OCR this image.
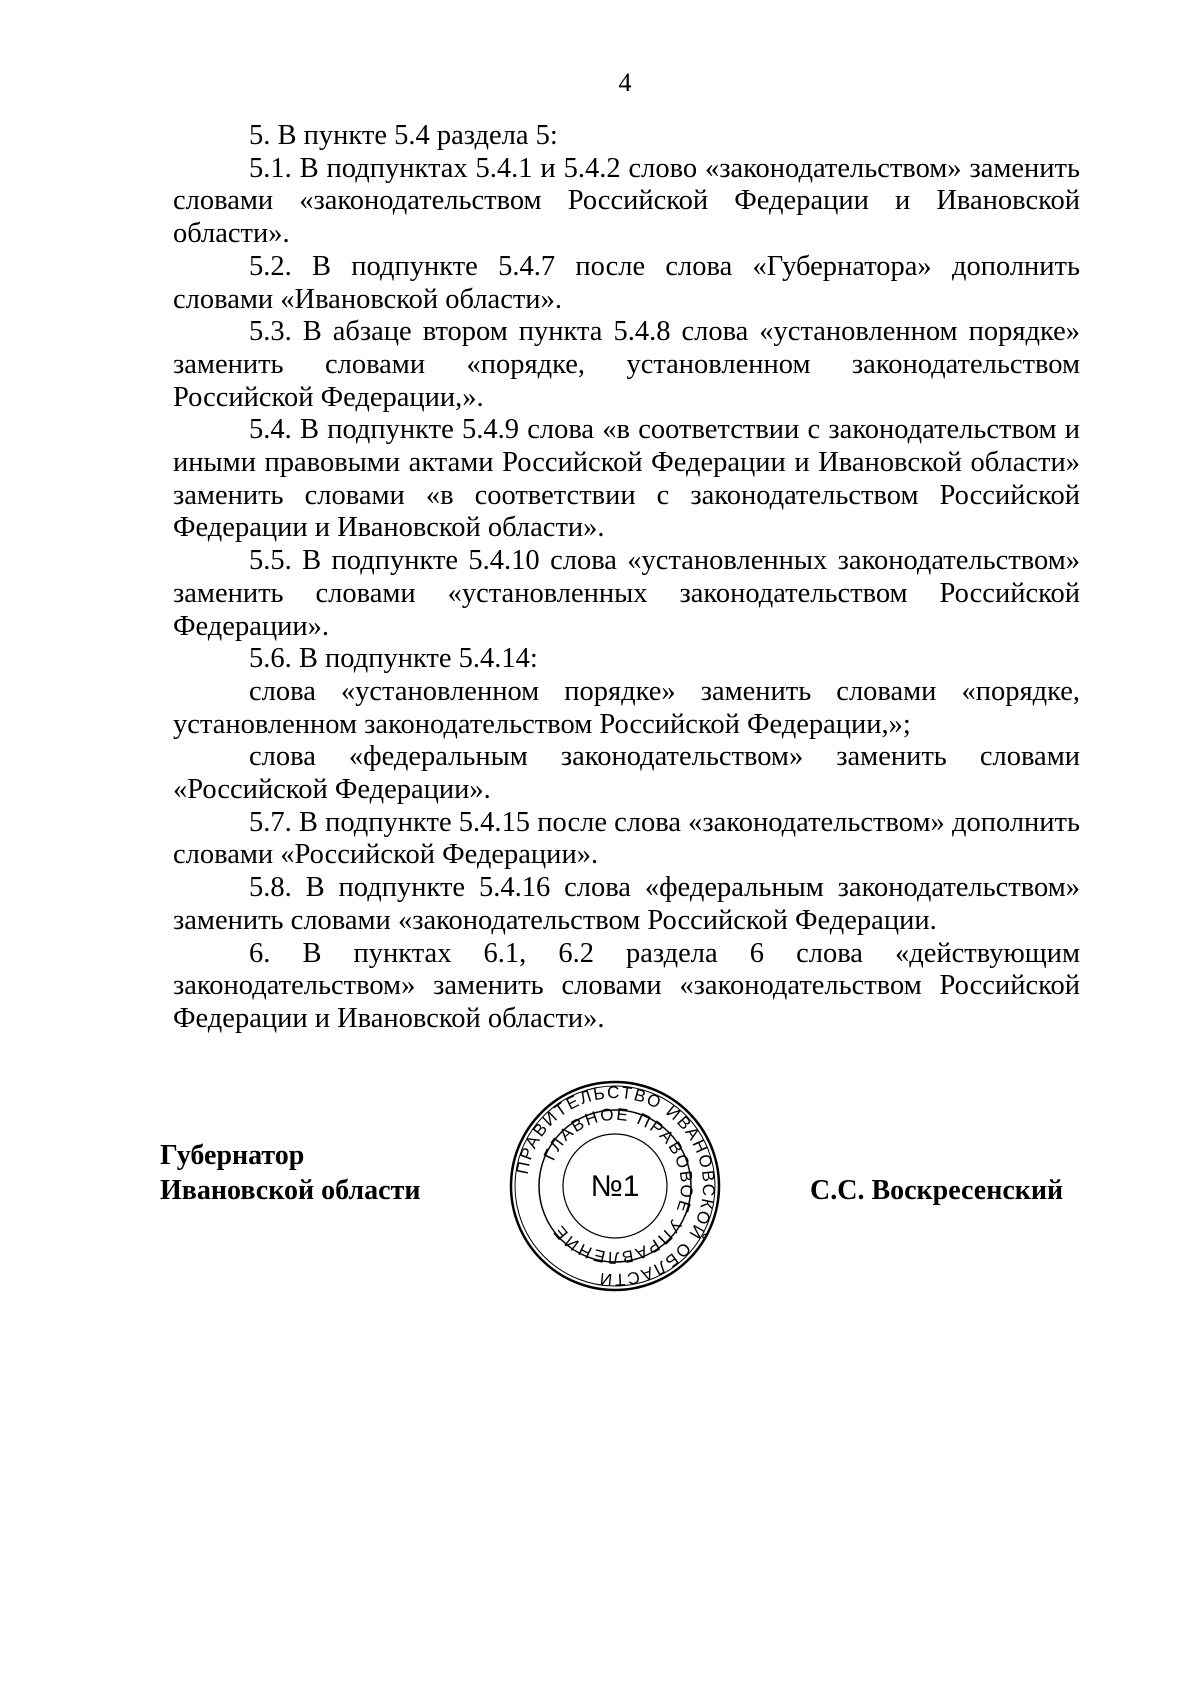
4

5. В пункте 5.4 раздела 5:

5.1. В подпунктах 5.4.1 и 5.4.2 слово «законодательством» заменить словами «законодательством Российской Федерации и Ивановской области».

5.2. В подпункте 5.4.7 после слова «Губернатора» дополнить словами «Ивановской области».

5.3. В абзаце втором пункта 5.4.8 слова «установленном порядке» заменить словами «порядке, установленном законодательством Российской Федерации,».

5.4. В подпункте 5.4.9 слова «в соответствии с законодательством и иными правовыми актами Российской Федерации и Ивановской области» заменить словами «в соответствии с законодательством Российской Федерации и Ивановской области».

5.5. В подпункте 5.4.10 слова «установленных законодательством» заменить словами «установленных законодательством Российской Федерации».

5.6. В подпункте 5.4.14:

слова «установленном порядке» заменить словами «порядке, установленном законодательством Российской Федерации,»;

слова «федеральным законодательством» заменить словами «Российской Федерации».

5.7. В подпункте 5.4.15 после слова «законодательством» дополнить словами «Российской Федерации».

5.8. В подпункте 5.4.16 слова «федеральным законодательством» заменить словами «законодательством Российской Федерации.

6. В пунктах 6.1, 6.2 раздела 6 слова «действующим законодательством» заменить словами «законодательством Российской Федерации и Ивановской области».

Губернатор
Ивановской области
ПРАВИТЕЛЬСТВО ИВАНОВСКОЙ ОБЛАСТИ
ГЛАВНОЕ ПРАВОВОЕ УПРАВЛЕНИЕ
№1	С.С. Воскресенский
